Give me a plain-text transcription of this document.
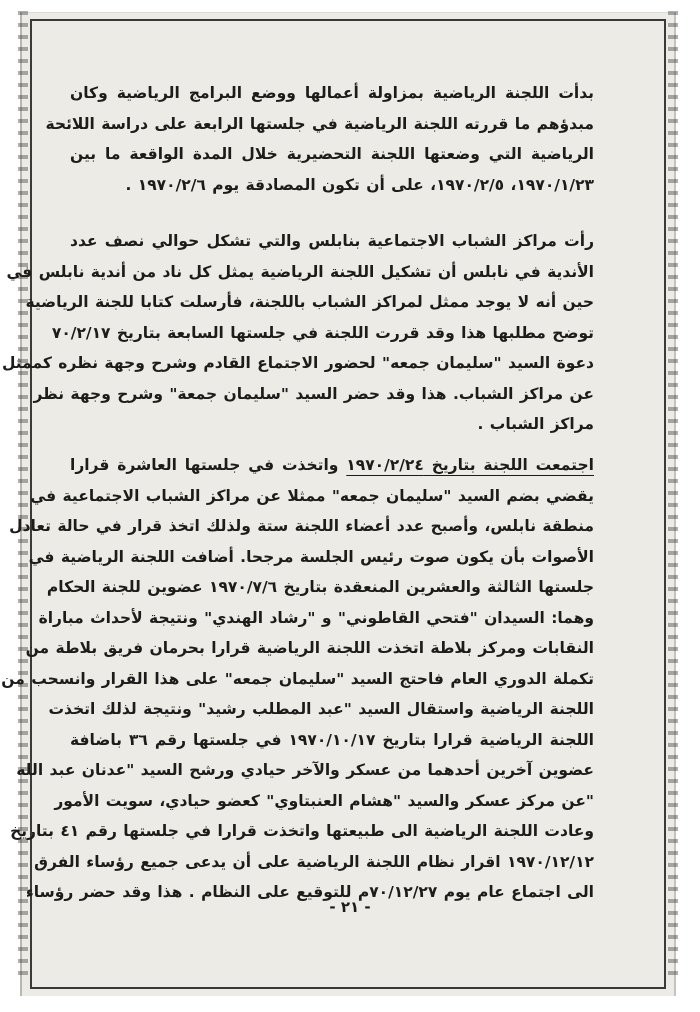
بدأت اللجنة الرياضية بمزاولة أعمالها ووضع البرامج الرياضية وكان
مبدؤهم ما قررته اللجنة الرياضية في جلستها الرابعة على دراسة اللائحة
الرياضية التي وضعتها اللجنة التحضيرية خلال المدة الواقعة ما بين
١٩٧٠/١/٢٣، ١٩٧٠/٢/٥، على أن تكون المصادقة يوم ١٩٧٠/٢/٦ .
رأت مراكز الشباب الاجتماعية بنابلس والتي تشكل حوالي نصف عدد
الأندية في نابلس أن تشكيل اللجنة الرياضية يمثل كل ناد من أندية نابلس في
حين أنه لا يوجد ممثل لمراكز الشباب باللجنة، فأرسلت كتابا للجنة الرياضية
توضح مطلبها هذا وقد قررت اللجنة في جلستها السابعة بتاريخ ٧٠/٢/١٧
دعوة السيد "سليمان جمعه" لحضور الاجتماع القادم وشرح وجهة نظره كممثل
عن مراكز الشباب. هذا وقد حضر السيد "سليمان جمعة" وشرح وجهة نظر
مراكز الشباب .
اجتمعت اللجنة بتاريخ ١٩٧٠/٢/٢٤ واتخذت في جلستها العاشرة قرارا
يقضي بضم السيد "سليمان جمعه" ممثلا عن مراكز الشباب الاجتماعية في
منطقة نابلس، وأصبح عدد أعضاء اللجنة ستة ولذلك اتخذ قرار في حالة تعادل
الأصوات بأن يكون صوت رئيس الجلسة مرجحا. أضافت اللجنة الرياضية في
جلستها الثالثة والعشرين المنعقدة بتاريخ ١٩٧٠/٧/٦ عضوين للجنة الحكام
وهما: السيدان "فتحي القاطوني" و "رشاد الهندي" ونتيجة لأحداث مباراة
النقابات ومركز بلاطة اتخذت اللجنة الرياضية قرارا بحرمان فريق بلاطة من
تكملة الدوري العام فاحتج السيد "سليمان جمعه" على هذا القرار وانسحب من
اللجنة الرياضية واستقال السيد "عبد المطلب رشيد" ونتيجة لذلك اتخذت
اللجنة الرياضية قرارا بتاريخ ١٩٧٠/١٠/١٧ في جلستها رقم ٣٦ باضافة
عضوين آخرين أحدهما من عسكر والآخر حيادي ورشح السيد "عدنان عبد الله
"عن مركز عسكر والسيد "هشام العنبتاوي" كعضو حيادي، سويت الأمور
وعادت اللجنة الرياضية الى طبيعتها واتخذت قرارا في جلستها رقم ٤١ بتاريخ
١٩٧٠/١٢/١٢ اقرار نظام اللجنة الرياضية على أن يدعى جميع رؤساء الفرق
الى اجتماع عام يوم ٧٠/١٢/٢٧م للتوقيع على النظام . هذا وقد حضر رؤساء
- ٢١ -
